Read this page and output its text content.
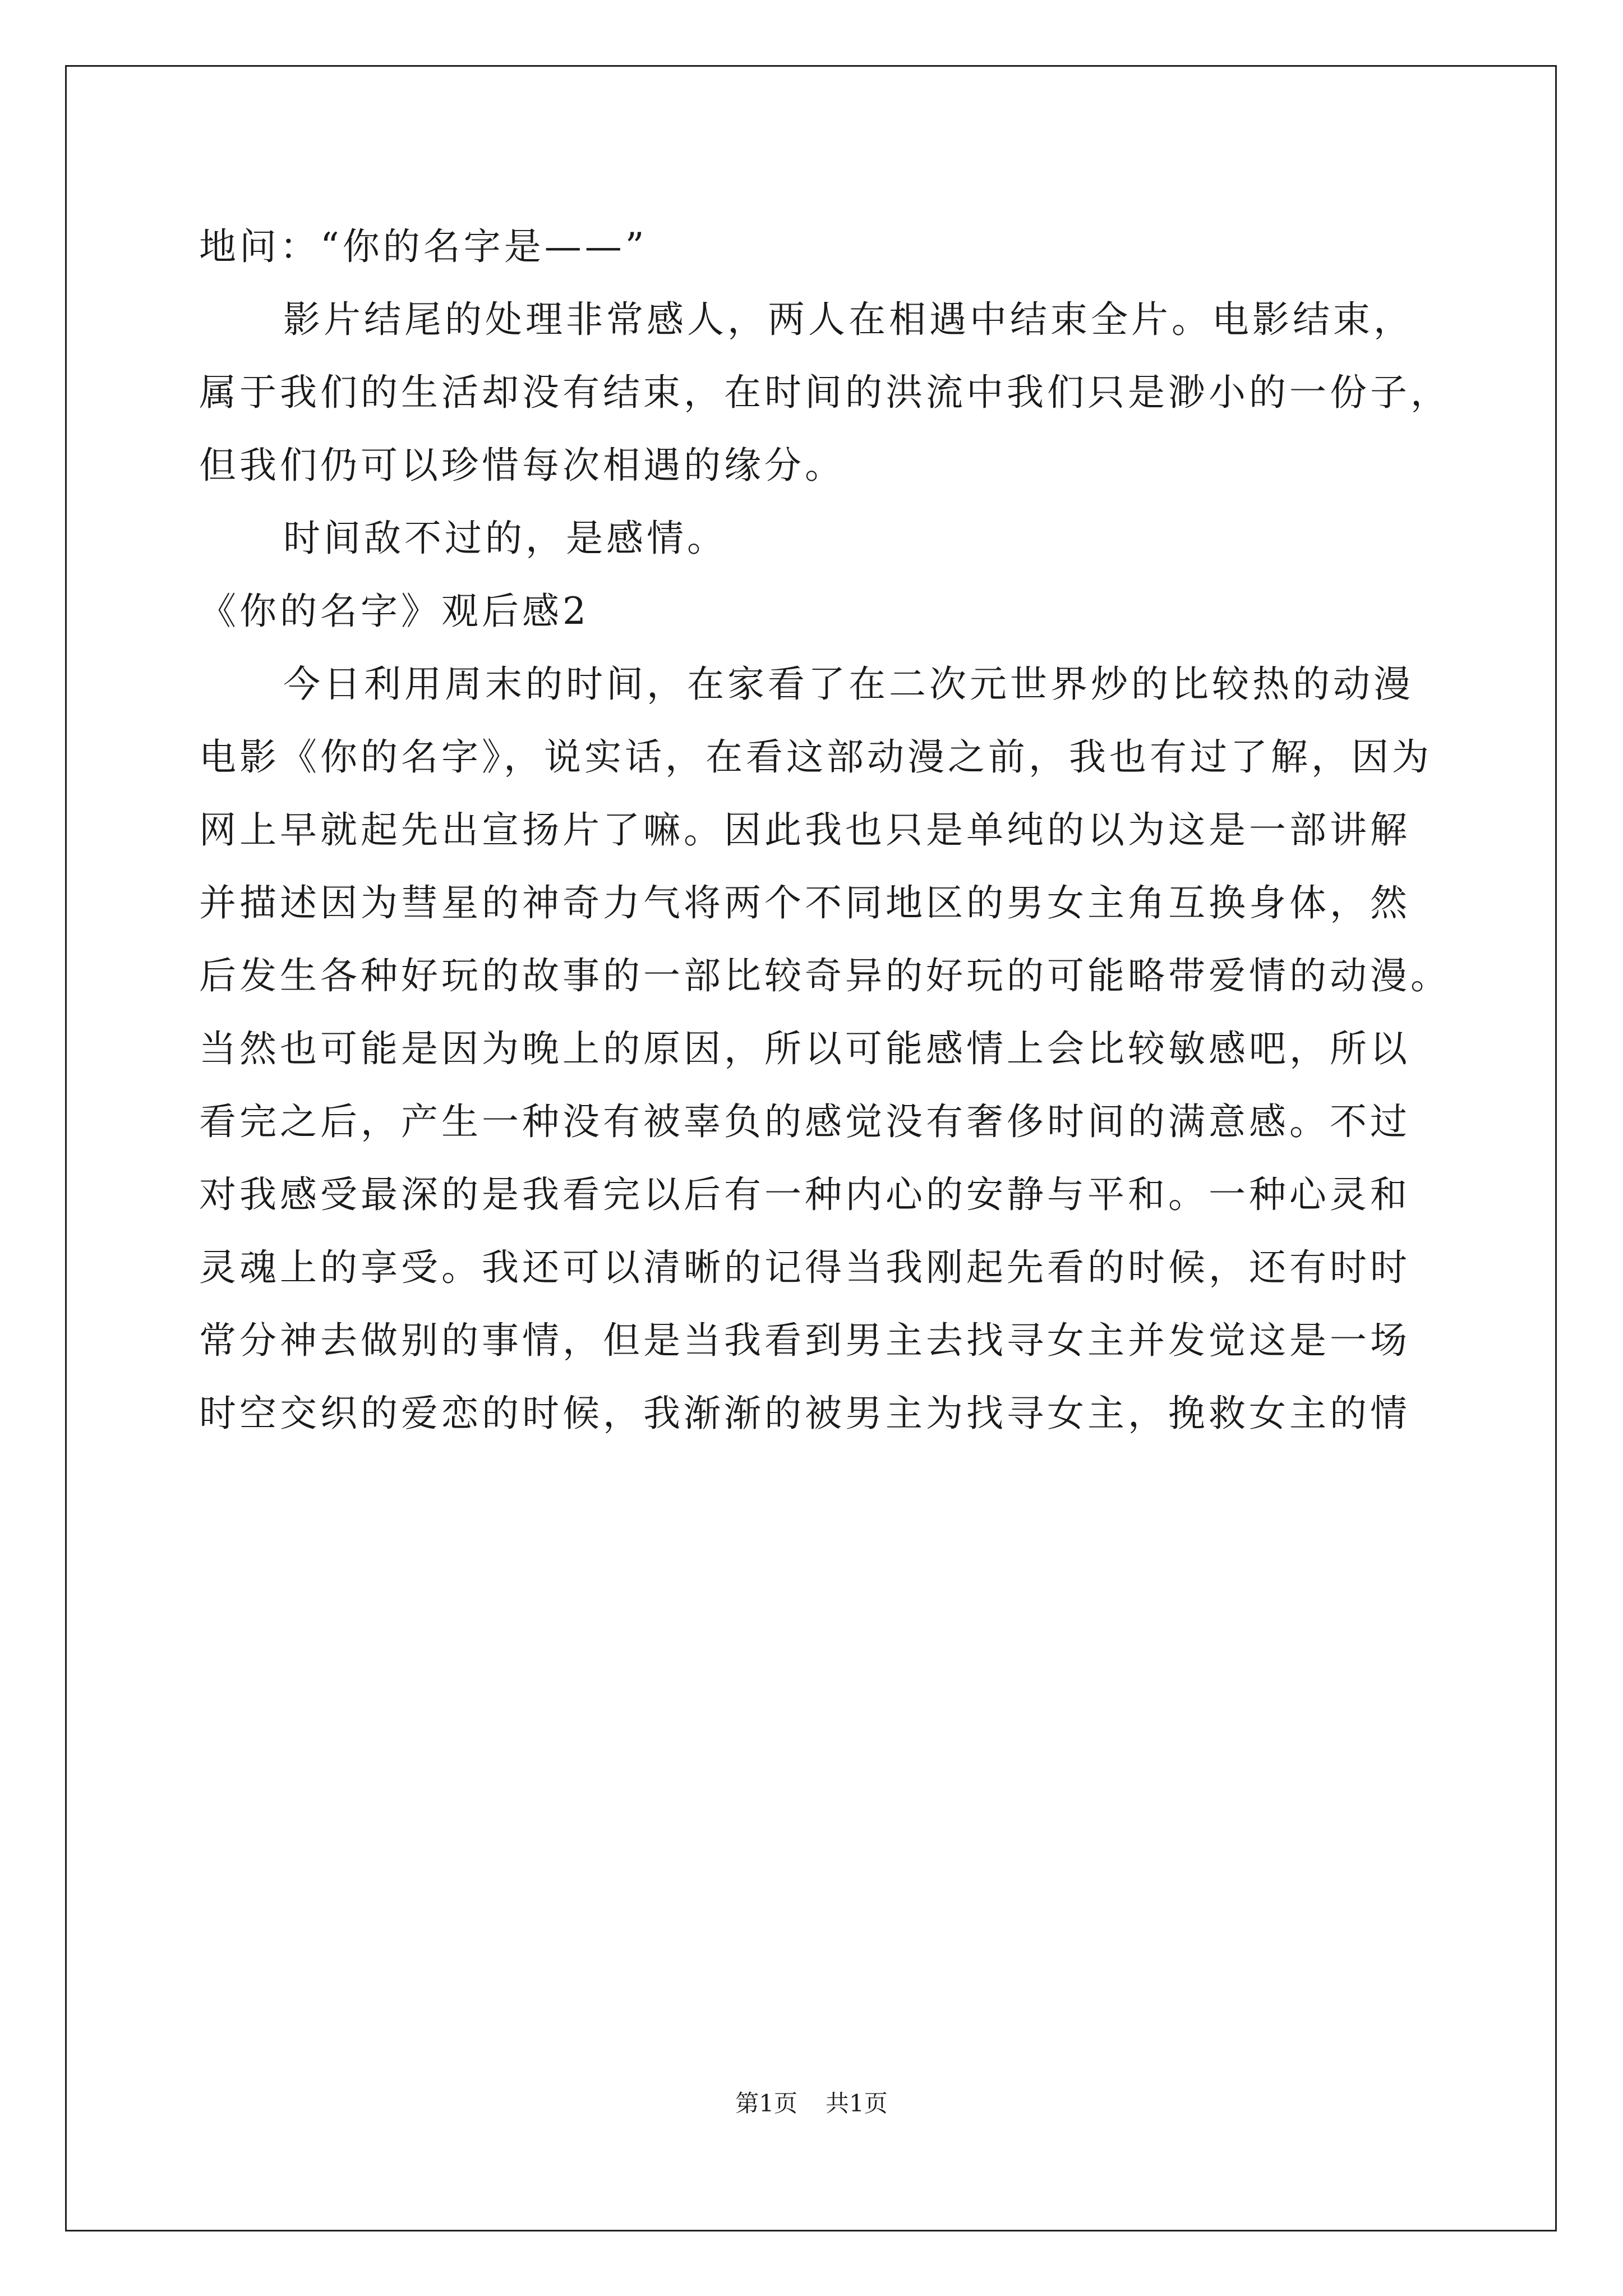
地问：“你的名字是——”
影片结尾的处理非常感人，两人在相遇中结束全片。电影结束，
属于我们的生活却没有结束，在时间的洪流中我们只是渺小的一份子，
但我们仍可以珍惜每次相遇的缘分。
时间敌不过的，是感情。
《你的名字》观后感2
今日利用周末的时间，在家看了在二次元世界炒的比较热的动漫
电影《你的名字》，说实话，在看这部动漫之前，我也有过了解，因为
网上早就起先出宣扬片了嘛。因此我也只是单纯的以为这是一部讲解
并描述因为彗星的神奇力气将两个不同地区的男女主角互换身体，然
后发生各种好玩的故事的一部比较奇异的好玩的可能略带爱情的动漫。
当然也可能是因为晚上的原因，所以可能感情上会比较敏感吧，所以
看完之后，产生一种没有被辜负的感觉没有奢侈时间的满意感。不过
对我感受最深的是我看完以后有一种内心的安静与平和。一种心灵和
灵魂上的享受。我还可以清晰的记得当我刚起先看的时候，还有时时
常分神去做别的事情，但是当我看到男主去找寻女主并发觉这是一场
时空交织的爱恋的时候，我渐渐的被男主为找寻女主，挽救女主的情
第1页 共1页
